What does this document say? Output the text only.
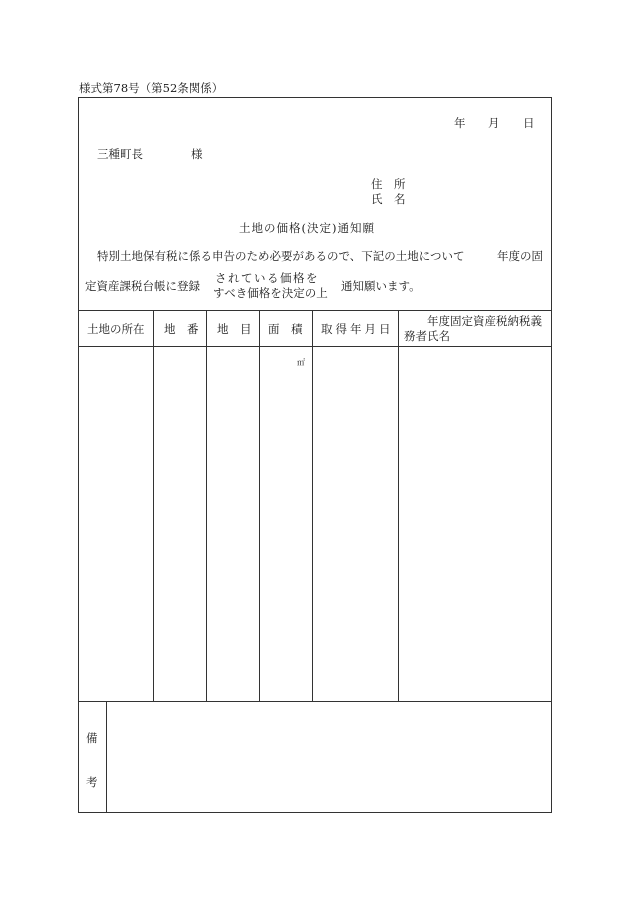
様式第78号（第52条関係）
年 月 日
三種町長	様
住　所
氏　名
土地の価格(決定)通知願
特別土地保有税に係る申告のため必要があるので、下記の土地について	年度の固
定資産課税台帳に登録
されている価格を
すべき価格を決定の上 通知願います。
土地の所在 地　番 地　目 面　積 取得年月日
年度固定資産税納税義
務者氏名
㎡
備
考
